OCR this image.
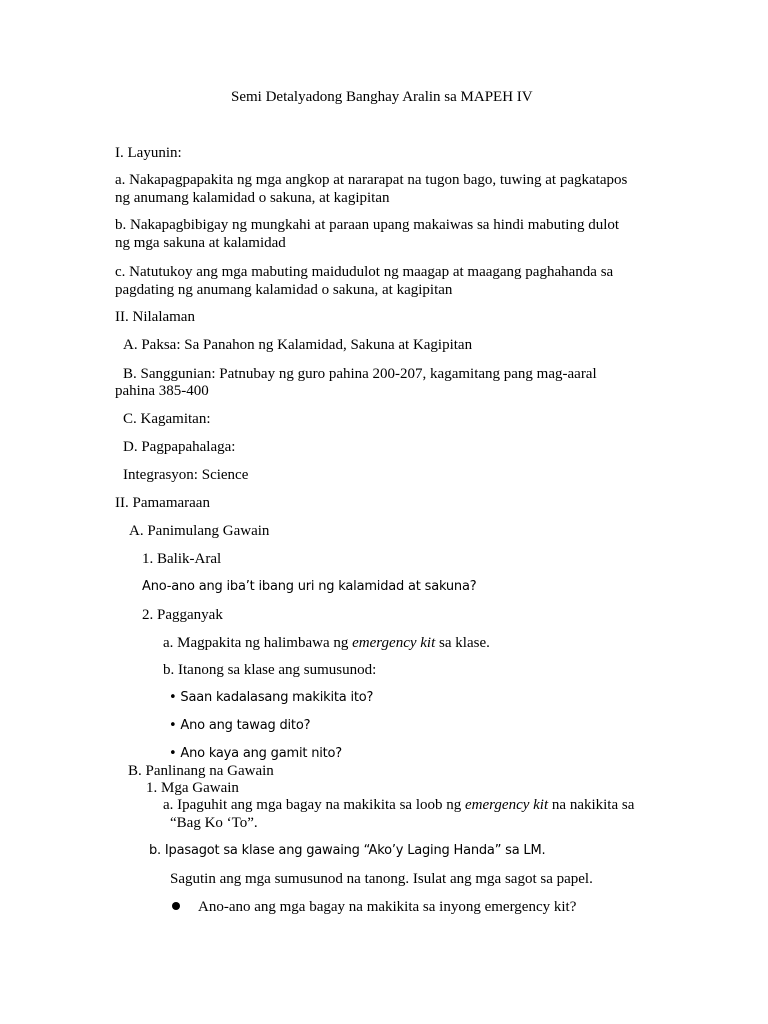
Semi Detalyadong Banghay Aralin sa MAPEH IV
I. Layunin:
a. Nakapagpapakita ng mga angkop at nararapat na tugon bago, tuwing at pagkatapos
ng anumang kalamidad o sakuna, at kagipitan
b. Nakapagbibigay ng mungkahi at paraan upang makaiwas sa hindi mabuting dulot
ng mga sakuna at kalamidad
c. Natutukoy ang mga mabuting maidudulot ng maagap at maagang paghahanda sa
pagdating ng anumang kalamidad o sakuna, at kagipitan
II. Nilalaman
A. Paksa: Sa Panahon ng Kalamidad, Sakuna at Kagipitan
B. Sanggunian: Patnubay ng guro pahina 200-207, kagamitang pang mag-aaral
pahina 385-400
C. Kagamitan:
D. Pagpapahalaga:
Integrasyon: Science
II. Pamamaraan
A. Panimulang Gawain
1. Balik-Aral
Ano-ano ang iba’t ibang uri ng kalamidad at sakuna?
2. Pagganyak
a. Magpakita ng halimbawa ng emergency kit sa klase.
b. Itanong sa klase ang sumusunod:
• Saan kadalasang makikita ito?
• Ano ang tawag dito?
• Ano kaya ang gamit nito?
B. Panlinang na Gawain
1. Mga Gawain
a. Ipaguhit ang mga bagay na makikita sa loob ng emergency kit na nakikita sa
“Bag Ko ‘To”.
b. Ipasagot sa klase ang gawaing “Ako’y Laging Handa” sa LM.
Sagutin ang mga sumusunod na tanong. Isulat ang mga sagot sa papel.
Ano-ano ang mga bagay na makikita sa inyong emergency kit?
